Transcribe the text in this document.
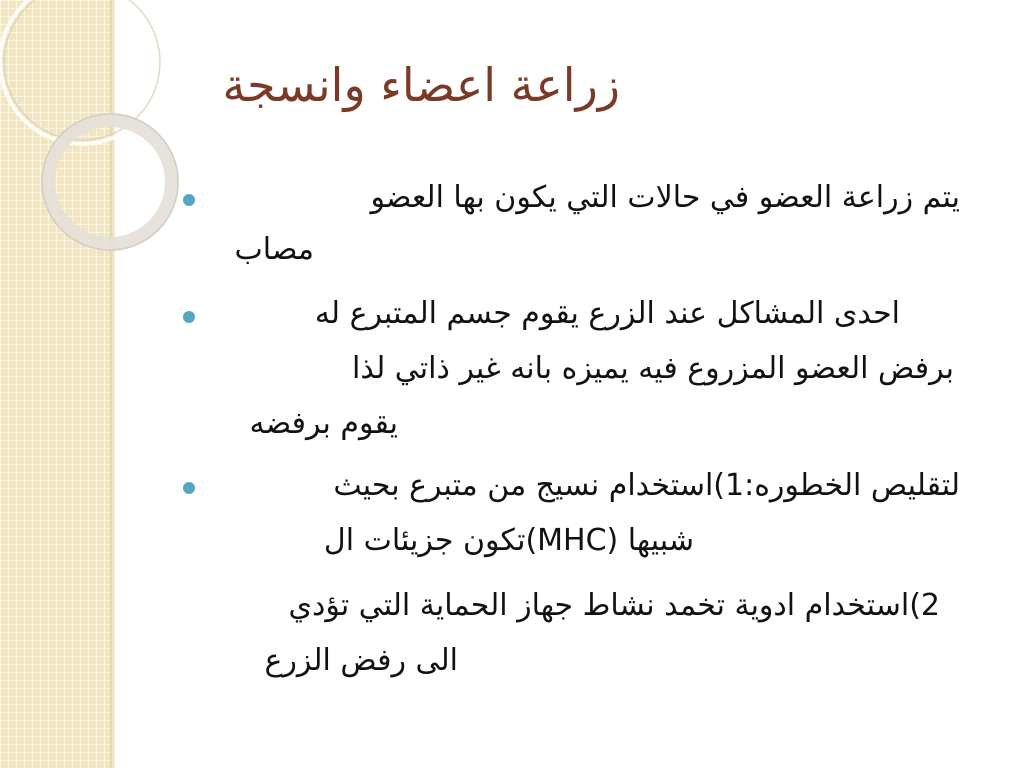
زراعة اعضاء وانسجة
يتم زراعة العضو في حالات التي يكون بها العضو
مصاب
احدى المشاكل عند الزرع يقوم جسم المتبرع له
برفض العضو المزروع فيه يميزه بانه غير ذاتي لذا
يقوم برفضه
لتقليص الخطوره:1)استخدام نسيج من متبرع بحيث
شبيها (MHC)تكون جزيئات ال
2)استخدام ادوية تخمد نشاط جهاز الحماية التي تؤدي
الى رفض الزرع
